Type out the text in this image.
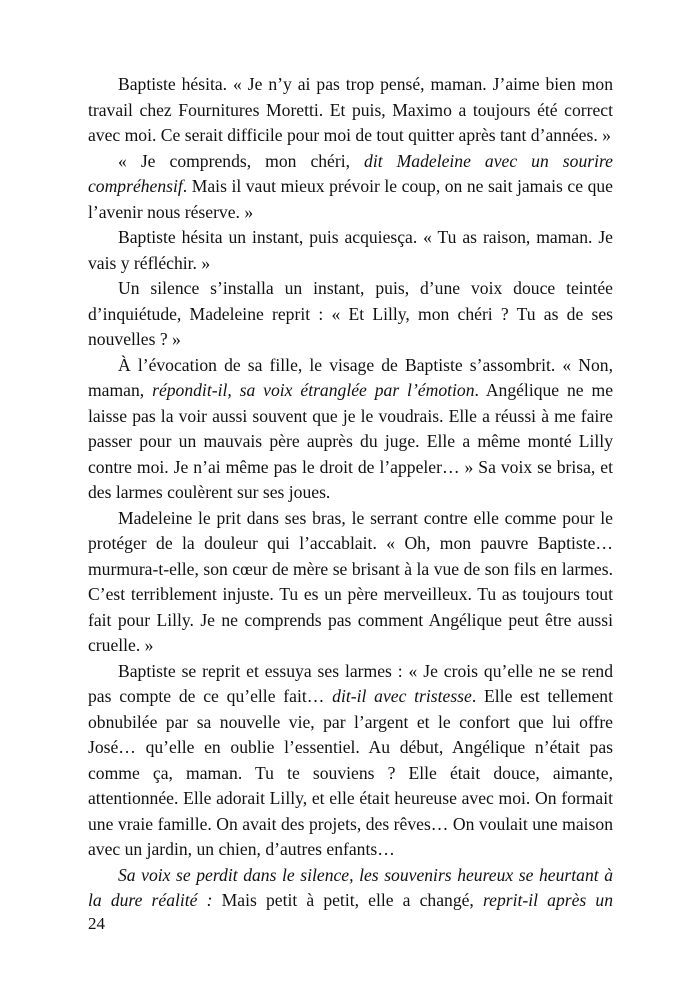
Baptiste hésita. « Je n’y ai pas trop pensé, maman. J’aime bien mon travail chez Fournitures Moretti. Et puis, Maximo a toujours été correct avec moi. Ce serait difficile pour moi de tout quitter après tant d’années. »

« Je comprends, mon chéri, dit Madeleine avec un sourire compréhensif. Mais il vaut mieux prévoir le coup, on ne sait jamais ce que l’avenir nous réserve. »

Baptiste hésita un instant, puis acquiesça. « Tu as raison, maman. Je vais y réfléchir. »

Un silence s’installa un instant, puis, d’une voix douce teintée d’inquiétude, Madeleine reprit : « Et Lilly, mon chéri ? Tu as de ses nouvelles ? »

À l’évocation de sa fille, le visage de Baptiste s’assombrit. « Non, maman, répondit-il, sa voix étranglée par l’émotion. Angélique ne me laisse pas la voir aussi souvent que je le voudrais. Elle a réussi à me faire passer pour un mauvais père auprès du juge. Elle a même monté Lilly contre moi. Je n’ai même pas le droit de l’appeler… » Sa voix se brisa, et des larmes coulèrent sur ses joues.

Madeleine le prit dans ses bras, le serrant contre elle comme pour le protéger de la douleur qui l’accablait. « Oh, mon pauvre Baptiste… murmura-t-elle, son cœur de mère se brisant à la vue de son fils en larmes. C’est terriblement injuste. Tu es un père merveilleux. Tu as toujours tout fait pour Lilly. Je ne comprends pas comment Angélique peut être aussi cruelle. »

Baptiste se reprit et essuya ses larmes : « Je crois qu’elle ne se rend pas compte de ce qu’elle fait… dit-il avec tristesse. Elle est tellement obnubilée par sa nouvelle vie, par l’argent et le confort que lui offre José… qu’elle en oublie l’essentiel. Au début, Angélique n’était pas comme ça, maman. Tu te souviens ? Elle était douce, aimante, attentionnée. Elle adorait Lilly, et elle était heureuse avec moi. On formait une vraie famille. On avait des projets, des rêves… On voulait une maison avec un jardin, un chien, d’autres enfants…

Sa voix se perdit dans le silence, les souvenirs heureux se heurtant à la dure réalité : Mais petit à petit, elle a changé, reprit-il après un

24
